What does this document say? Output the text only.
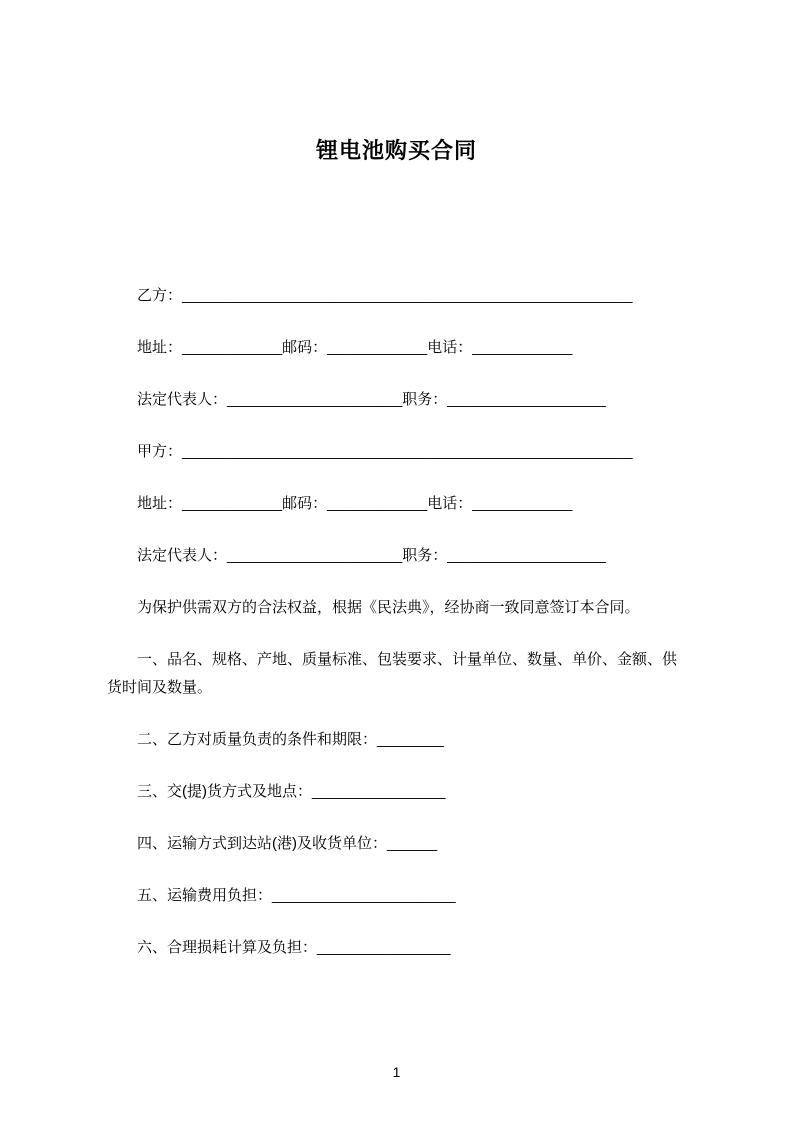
锂电池购买合同

乙方：______________________________________________________

地址：____________邮码：____________电话：____________

法定代表人：_____________________职务：___________________

甲方：______________________________________________________

地址：____________邮码：____________电话：____________

法定代表人：_____________________职务：___________________

为保护供需双方的合法权益，根据《民法典》，经协商一致同意签订本合同。

一、品名、规格、产地、质量标准、包装要求、计量单位、数量、单价、金额、供货时间及数量。

二、乙方对质量负责的条件和期限：________

三、交(提)货方式及地点：________________

四、运输方式到达站(港)及收货单位：______

五、运输费用负担：______________________

六、合理损耗计算及负担：________________

1
